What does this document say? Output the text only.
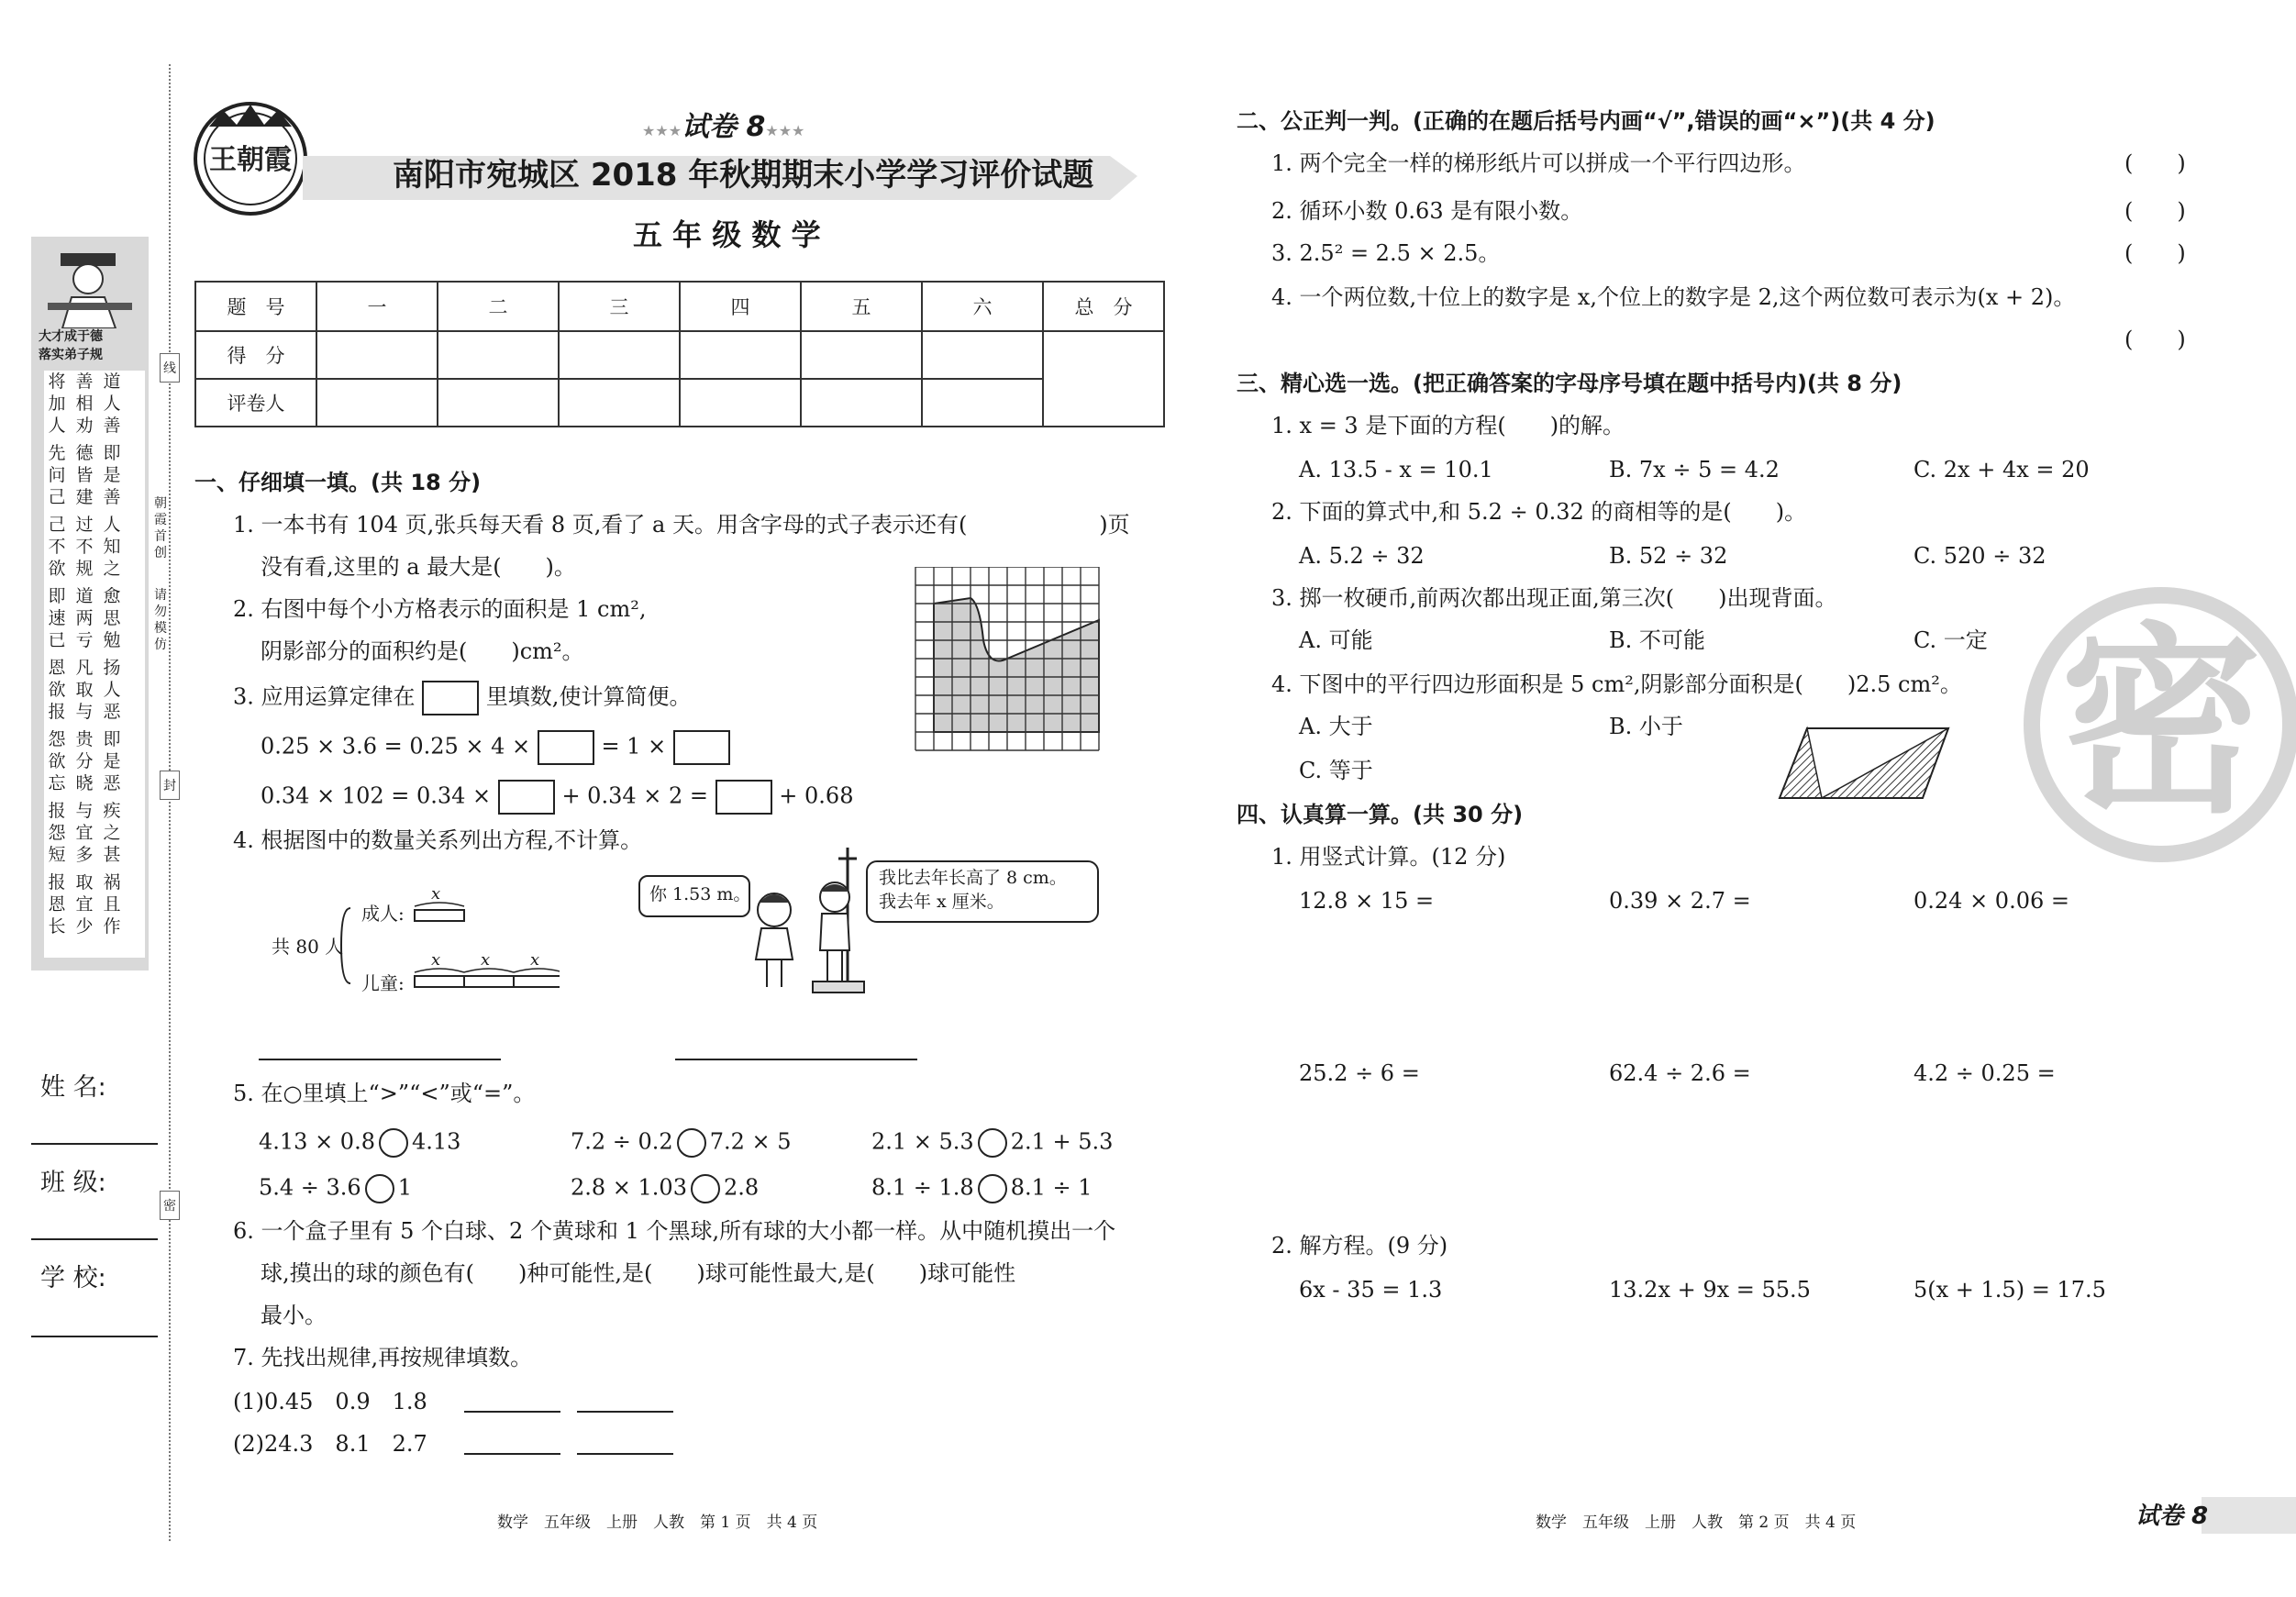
大才成于德
落实弟子规
将加人
先问己
己不欲
即速已
恩欲报
怨欲忘
报怨短
报恩长
善相劝
德皆建
过不规
道两亏
凡取与
贵分晓
与宜多
取宜少
道人善
即是善
人知之
愈思勉
扬人恶
即是恶
疾之甚
祸且作
姓 名:
班 级:
学 校:
线
封
密
朝霞首创
请勿模仿
王朝霞
★★★试卷 8★★★
南阳市宛城区 2018 年秋期期末小学学习评价试题
五 年 级 数 学
题　号	一	二	三	四	五	六	总　分
得　分							
评卷人							
一、仔细填一填。(共 18 分)
1. 一本书有 104 页,张兵每天看 8 页,看了 a 天。用含字母的式子表示还有(　　　　　　)页
没有看,这里的 a 最大是(　　)。
2. 右图中每个小方格表示的面积是 1 cm²,
阴影部分的面积约是(　　)cm²。
3. 应用运算定律在	里填数,使计算简便。
0.25 × 3.6 = 0.25 × 4 ×	= 1 ×
0.34 × 102 = 0.34 ×	+ 0.34 × 2 =	+ 0.68
4. 根据图中的数量关系列出方程,不计算。
共 80 人
成人:
儿童:
x
x x x
你 1.53 m。
我比去年长高了 8 cm。
我去年 x 厘米。
5. 在○里填上“>”“<”或“=”。
4.13 × 0.8 4.13	7.2 ÷ 0.2 7.2 × 5	2.1 × 5.3 2.1 + 5.3
5.4 ÷ 3.6 1	2.8 × 1.03 2.8	8.1 ÷ 1.8 8.1 ÷ 1
6. 一个盒子里有 5 个白球、2 个黄球和 1 个黑球,所有球的大小都一样。从中随机摸出一个
球,摸出的球的颜色有(　　)种可能性,是(　　)球可能性最大,是(　　)球可能性
最小。
7. 先找出规律,再按规律填数。
(1)0.45　0.9　1.8
(2)24.3　8.1　2.7
数学　五年级　上册　人教　第 1 页　共 4 页
密
二、公正判一判。(正确的在题后括号内画“√”,错误的画“×”)(共 4 分)
1. 两个完全一样的梯形纸片可以拼成一个平行四边形。
2. 循环小数 0.63 是有限小数。
3. 2.5² = 2.5 × 2.5。
4. 一个两位数,十位上的数字是 x,个位上的数字是 2,这个两位数可表示为(x + 2)。
(　　)
(　　)
(　　)
(　　)
三、精心选一选。(把正确答案的字母序号填在题中括号内)(共 8 分)
1. x = 3 是下面的方程(　　)的解。
A. 13.5 - x = 10.1	B. 7x ÷ 5 = 4.2	C. 2x + 4x = 20
2. 下面的算式中,和 5.2 ÷ 0.32 的商相等的是(　　)。
A. 5.2 ÷ 32	B. 52 ÷ 32	C. 520 ÷ 32
3. 掷一枚硬币,前两次都出现正面,第三次(　　)出现背面。
A. 可能	B. 不可能	C. 一定
4. 下图中的平行四边形面积是 5 cm²,阴影部分面积是(　　)2.5 cm²。
A. 大于	B. 小于
C. 等于
四、认真算一算。(共 30 分)
1. 用竖式计算。(12 分)
12.8 × 15 =	0.39 × 2.7 =	0.24 × 0.06 =
25.2 ÷ 6 =	62.4 ÷ 2.6 =	4.2 ÷ 0.25 =
2. 解方程。(9 分)
6x - 35 = 1.3	13.2x + 9x = 55.5	5(x + 1.5) = 17.5
数学　五年级　上册　人教　第 2 页　共 4 页	试卷 8
